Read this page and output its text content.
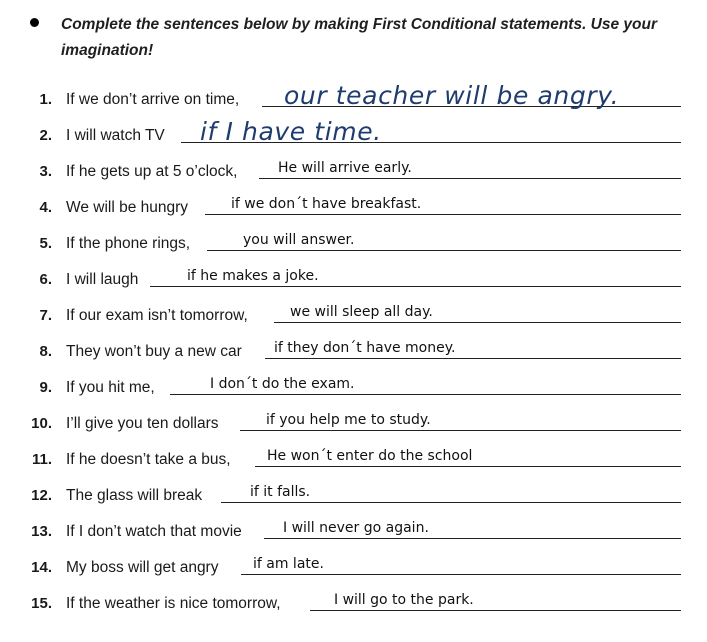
Complete the sentences below by making First Conditional statements. Use your imagination!
1. If we don’t arrive on time, our teacher will be angry.
2. I will watch TV if I have time.
3. If he gets up at 5 o’clock,	He will arrive early.
4. We will be hungry	if we don´t have breakfast.
5. If the phone rings,	you will answer.
6. I will laugh	if he makes a joke.
7. If our exam isn’t tomorrow,	we will sleep all day.
8. They won’t buy a new car if they don´t have money.
9. If you hit me,	I don´t do the exam.
10. I’ll give you ten dollars	if you help me to study.
11. If he doesn’t take a bus,	He won´t enter do the school
12. The glass will break	if it falls.
13. If I don’t watch that movie	I will never go again.
14. My boss will get angry if am late.
15. If the weather is nice tomorrow,	I will go to the park.
